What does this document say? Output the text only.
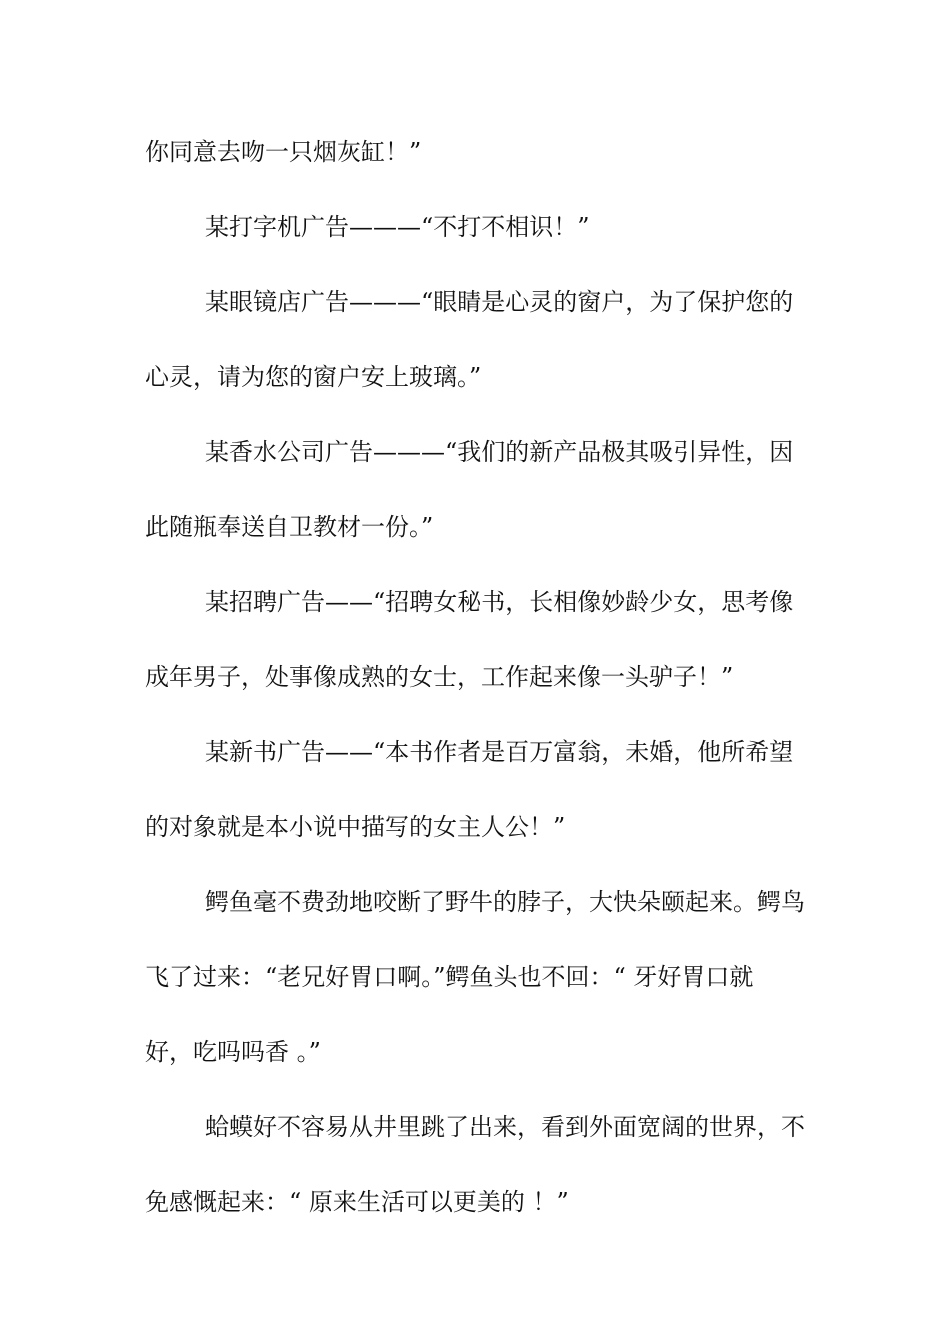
你同意去吻一只烟灰缸！”

某打字机广告———“不打不相识！”

某眼镜店广告———“眼睛是心灵的窗户，为了保护您的

心灵，请为您的窗户安上玻璃。”

某香水公司广告———“我们的新产品极其吸引异性，因

此随瓶奉送自卫教材一份。”

某招聘广告——“招聘女秘书，长相像妙龄少女，思考像

成年男子，处事像成熟的女士，工作起来像一头驴子！”

某新书广告——“本书作者是百万富翁，未婚，他所希望

的对象就是本小说中描写的女主人公！”

鳄鱼毫不费劲地咬断了野牛的脖子，大快朵颐起来。鳄鸟

飞了过来：“老兄好胃口啊。”鳄鱼头也不回：“ 牙好胃口就

好，吃吗吗香 。”

蛤蟆好不容易从井里跳了出来，看到外面宽阔的世界，不

免感慨起来：“ 原来生活可以更美的 ！”
